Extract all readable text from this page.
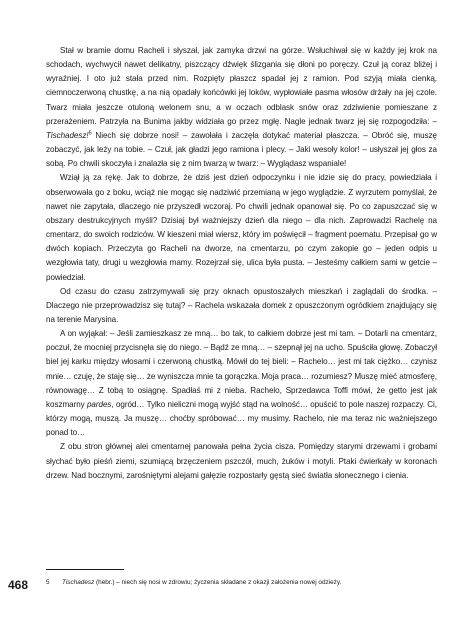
Stał w bramie domu Racheli i słyszał, jak zamyka drzwi na górze. Wsłuchiwał się w każdy jej krok na schodach, wychwycił nawet delikatny, piszczący dźwięk ślizgania się dłoni po poręczy. Czuł ją coraz bliżej i wyraźniej. I oto już stała przed nim. Rozpięty płaszcz spadał jej z ramion. Pod szyją miała cienką, ciemnoczerwoną chustkę, a na nią opadały końcówki jej loków, wypłowiałe pasma włosów drżały na jej czole. Twarz miała jeszcze otuloną welonem snu, a w oczach odblask snów oraz zdziwienie pomieszane z przerażeniem. Patrzyła na Bunima jakby widziała go przez mgłę. Nagle jednak twarz jej się rozpogodziła: – Tischadesz!$^5$ Niech się dobrze nosi! – zawołała i zaczęła dotykać materiał płaszcza. – Obróć się, muszę zobaczyć, jak leży na tobie. – Czuł, jak gładzi jego ramiona i plecy. – Jaki wesoły kolor! – usłyszał jej głos za sobą. Po chwili skoczyła i znalazła się z nim twarzą w twarz: – Wyglądasz wspaniale!

Wziął ją za rękę. Jak to dobrze, że dziś jest dzień odpoczynku i nie idzie się do pracy, powiedziała i obserwowała go z boku, wciąż nie mogąc się nadziwić przemianą w jego wyglądzie. Z wyrzutem pomyślał, że nawet nie zapytała, dlaczego nie przyszedł wczoraj. Po chwili jednak opanował się. Po co zapuszczać się w obszary destrukcyjnych myśli? Dzisiaj był ważniejszy dzień dla niego – dla nich. Zaprowadzi Rachelę na cmentarz, do swoich rodziców. W kieszeni miał wiersz, który im poświęcił – fragment poematu. Przepisał go w dwóch kopiach. Przeczyta go Racheli na dworze, na cmentarzu, po czym zakopie go – jeden odpis u wezgłowia taty, drugi u wezgłowia mamy. Rozejrzał się, ulica była pusta. – Jesteśmy całkiem sami w getcie – powiedział.

Od czasu do czasu zatrzymywali się przy oknach opustoszałych mieszkań i zaglądali do środka. – Dlaczego nie przeprowadzisz się tutaj? – Rachela wskazała domek z opuszczonym ogródkiem znajdujący się na terenie Marysina.

A on wyjąkał: – Jeśli zamieszkasz ze mną… bo tak, to całkiem dobrze jest mi tam. – Dotarli na cmentarz, poczuł, że mocniej przycisnęła się do niego. – Bądź ze mną… – szepnął jej na ucho. Spuściła głowę. Zobaczył biel jej karku między włosami i czerwoną chustką. Mówił do tej bieli: – Rachelo… jest mi tak ciężko… czynisz mnie… czuję, że staję się… że wyniszcza mnie ta gorączka. Moja praca… rozumiesz? Muszę mieć atmosferę, równowagę… Z tobą to osiągnę. Spadłaś mi z nieba. Rachelo, Sprzedawca Toffi mówi, że getto jest jak koszmarny pardes, ogród… Tylko nieliczni mogą wyjść stąd na wolność… opuścić to pole naszej rozpaczy. Ci, którzy mogą, muszą. Ja muszę… choćby spróbować… my musimy. Rachelo, nie ma teraz nic ważniejszego ponad to…

Z obu stron głównej alei cmentarnej panowała pełna życia cisza. Pomiędzy starymi drzewami i grobami słychać było pieśń ziemi, szumiącą brzęczeniem pszczół, much, żuków i motyli. Ptaki ćwierkały w koronach drzew. Nad bocznymi, zarośniętymi alejami gałęzie rozpostarły gęstą sieć światła słonecznego i cienia.

468	5 Tischadesz (hebr.) – niech się nosi w zdrowiu; życzenia składane z okazji założenia nowej odzieży.
